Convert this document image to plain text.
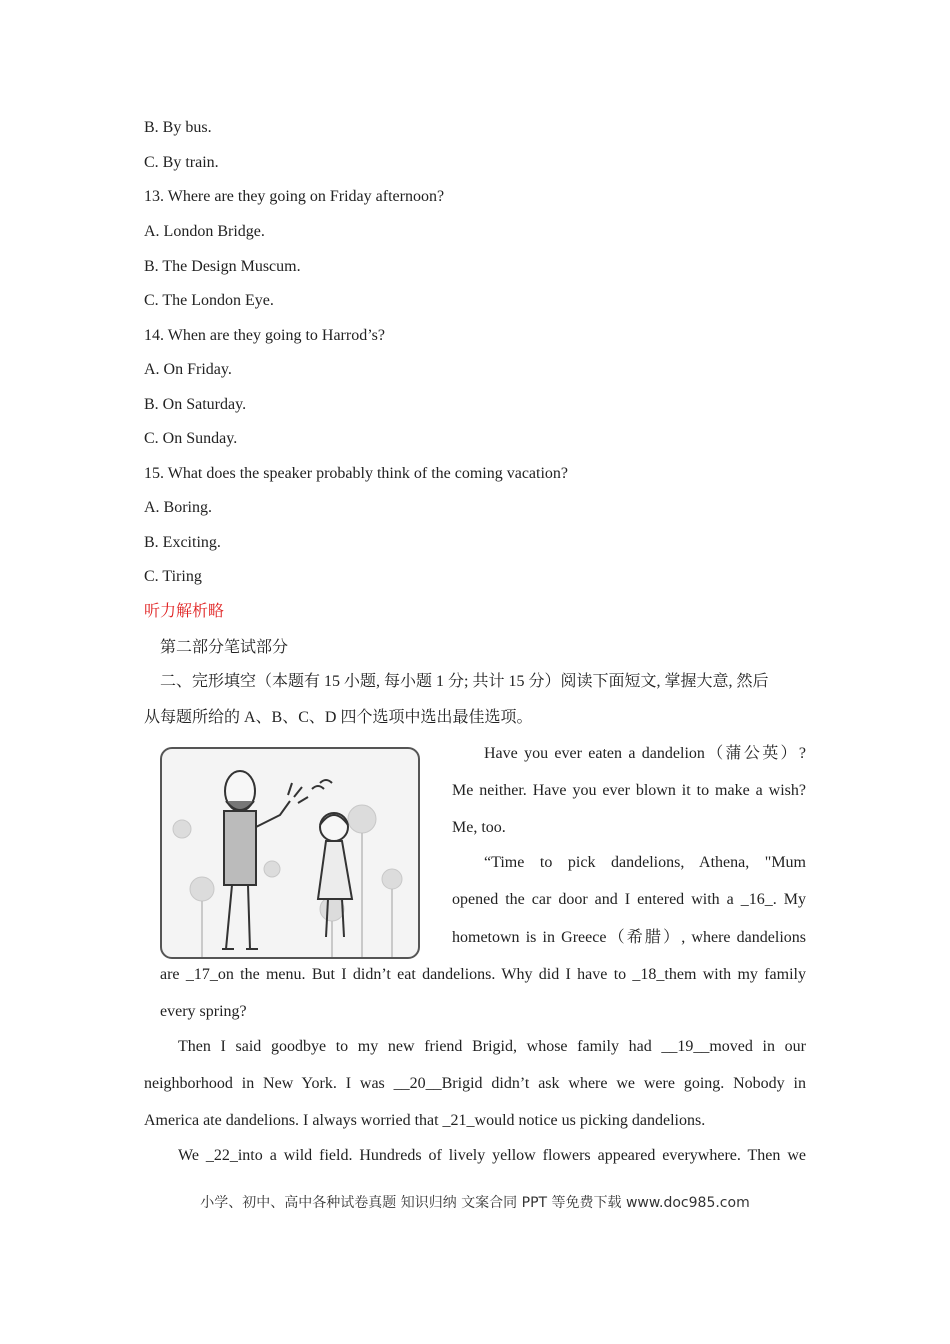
B. By bus.
C. By train.
13. Where are they going on Friday afternoon?
A. London Bridge.
B. The Design Muscum.
C. The London Eye.
14. When are they going to Harrod’s?
A. On Friday.
B. On Saturday.
C. On Sunday.
15. What does the speaker probably think of the coming vacation?
A. Boring.
B. Exciting.
C. Tiring
听力解析略
第二部分笔试部分
二、完形填空（本题有 15 小题, 每小题 1 分; 共计 15 分）阅读下面短文, 掌握大意, 然后
从每题所给的 A、B、C、D 四个选项中选出最佳选项。
Have you ever eaten a dandelion（蒲公英）?
Me neither. Have you ever blown it to make a wish?
Me, too.
“Time to pick dandelions, Athena, "Mum
opened the car door and I entered with a _16_. My
hometown is in Greece（希腊）, where dandelions
are _17_on the menu. But I didn’t eat dandelions. Why did I have to _18_them with my family
every spring?
Then I said goodbye to my new friend Brigid, whose family had __19__moved in our
neighborhood in New York. I was __20__Brigid didn’t ask where we were going. Nobody in
America ate dandelions. I always worried that _21_would notice us picking dandelions.
We _22_into a wild field. Hundreds of lively yellow flowers appeared everywhere. Then we
小学、初中、高中各种试卷真题 知识归纳 文案合同 PPT 等免费下载 www.doc985.com
